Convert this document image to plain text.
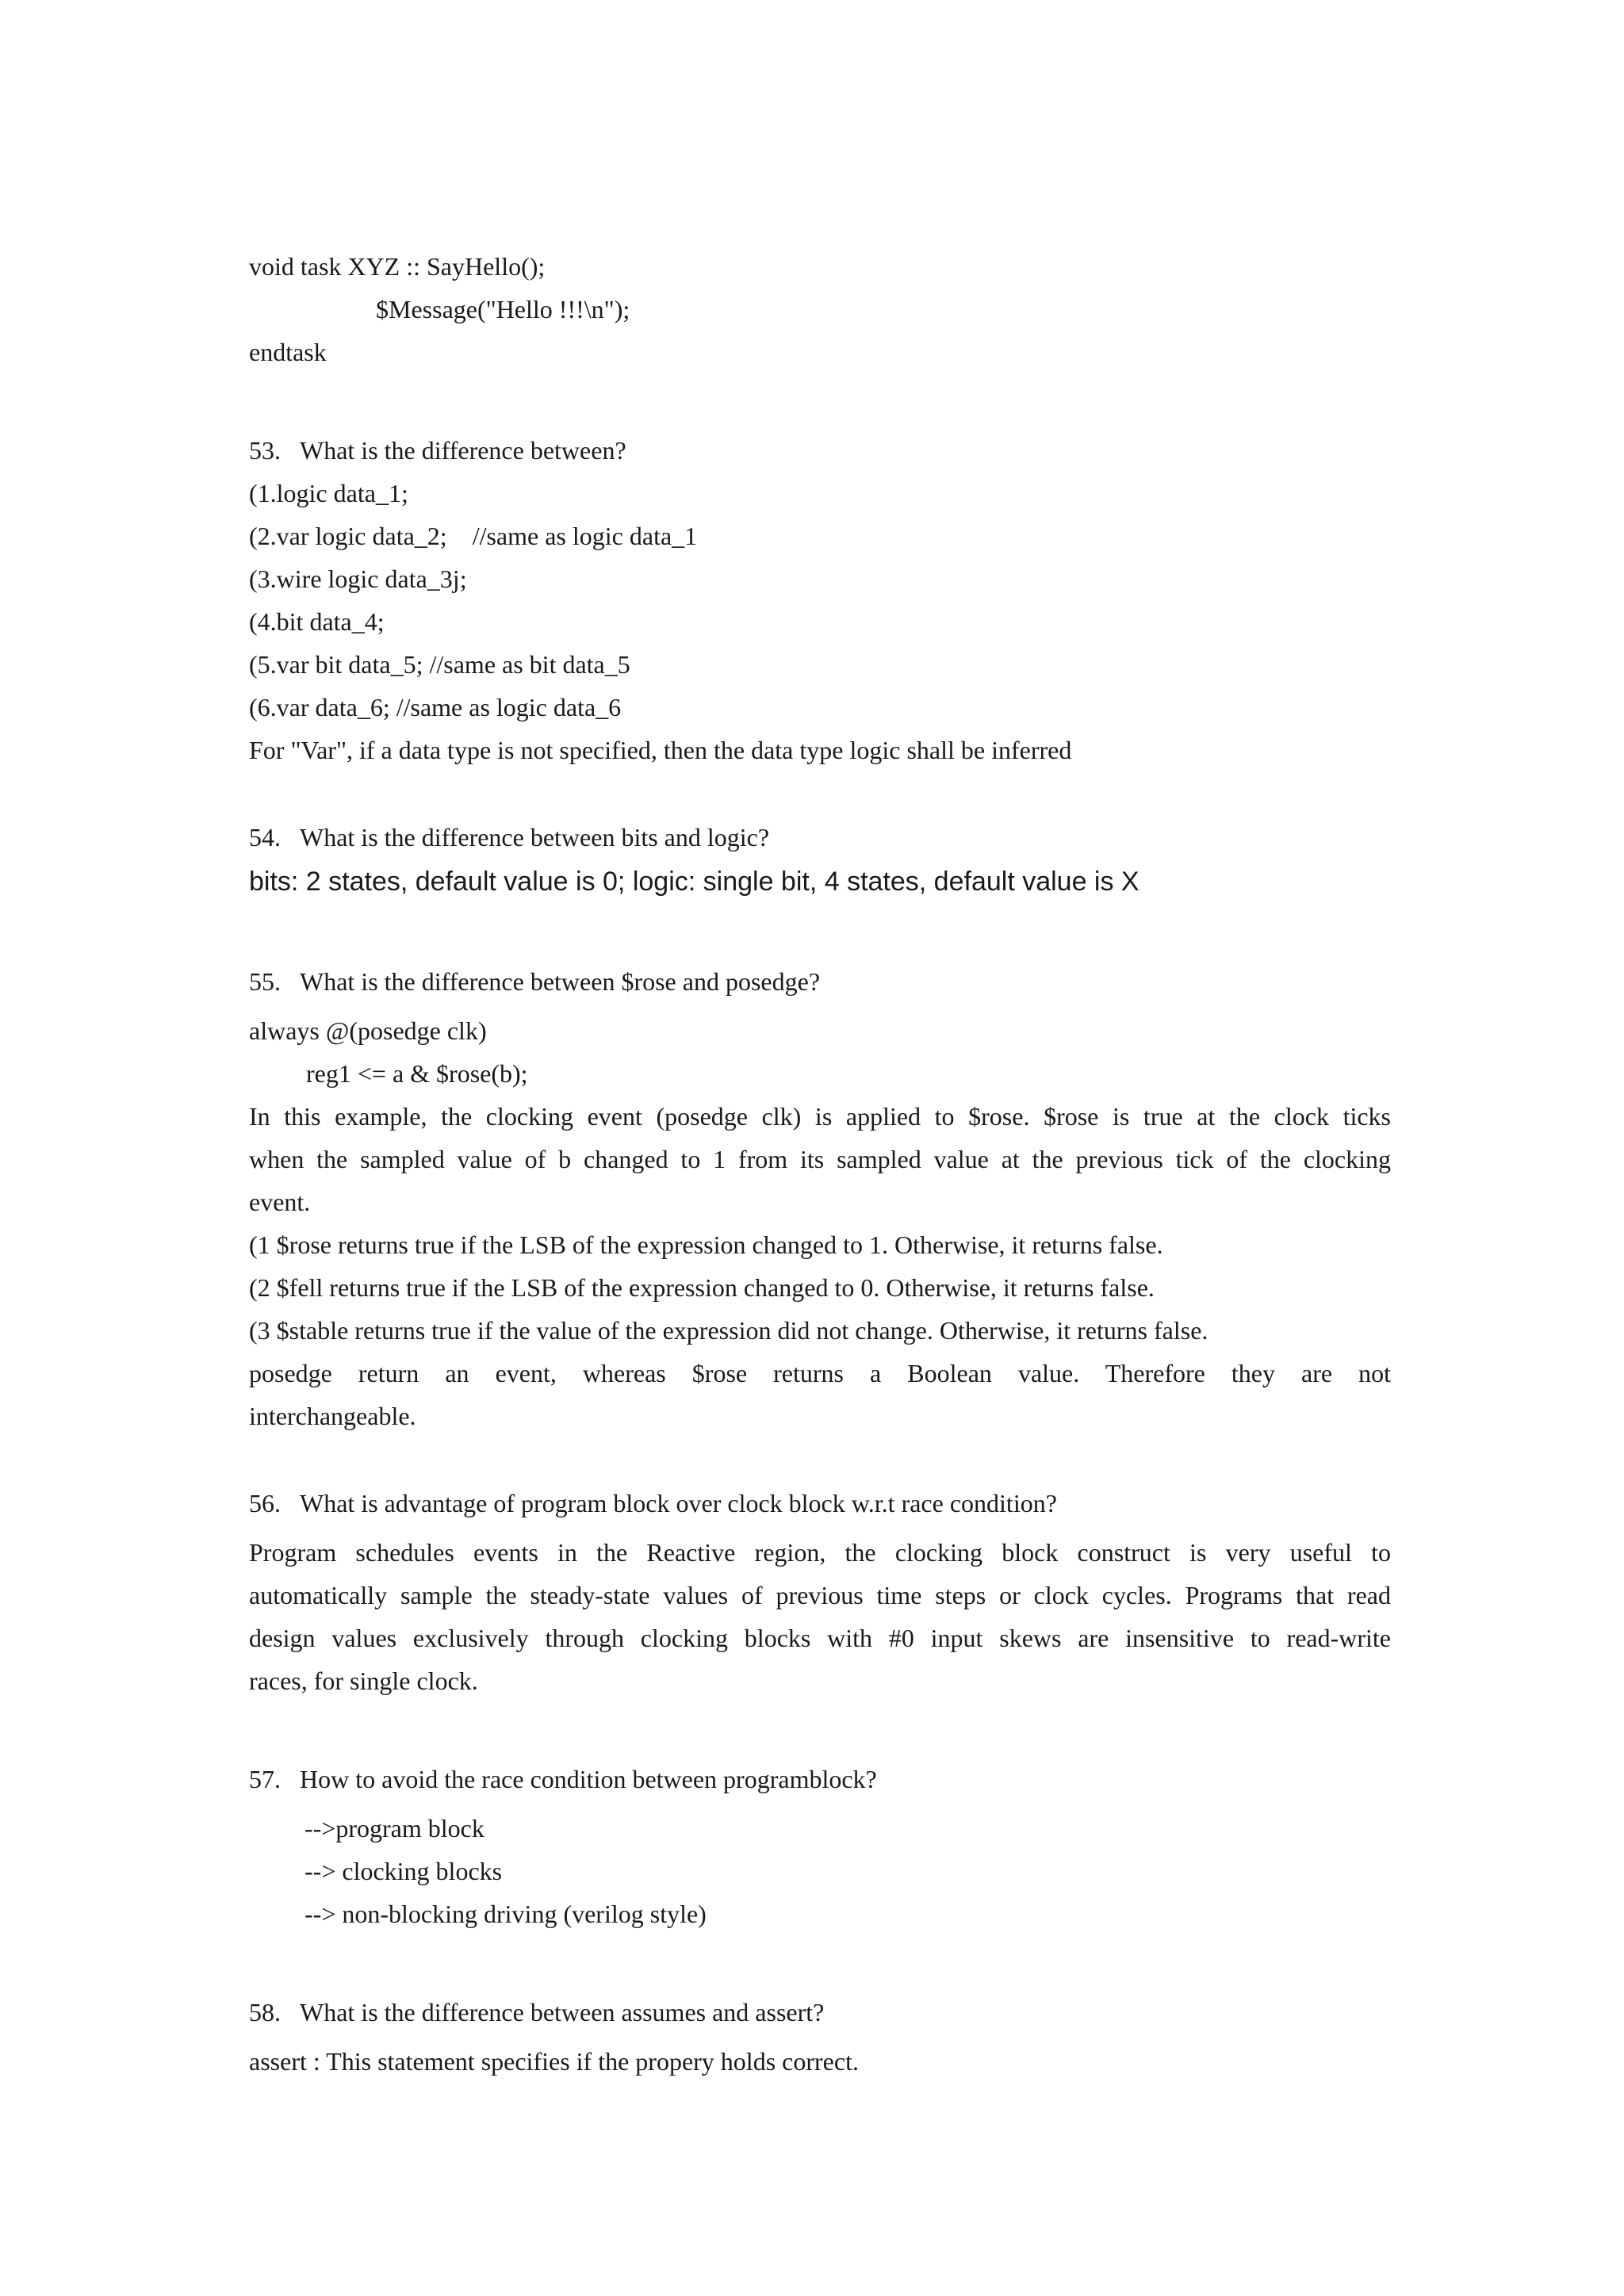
void task XYZ :: SayHello();
$Message("Hello !!!\n");
endtask
53. What is the difference between?
(1.logic data_1;
(2.var logic data_2;    //same as logic data_1
(3.wire logic data_3j;
(4.bit data_4;
(5.var bit data_5; //same as bit data_5
(6.var data_6; //same as logic data_6
For "Var", if a data type is not specified, then the data type logic shall be inferred
54. What is the difference between bits and logic?
bits: 2 states, default value is 0; logic: single bit, 4 states, default value is X
55. What is the difference between $rose and posedge?
always @(posedge clk)
reg1 <= a & $rose(b);
In this example, the clocking event (posedge clk) is applied to $rose. $rose is true at the clock ticks
when the sampled value of b changed to 1 from its sampled value at the previous tick of the clocking
event.
(1 $rose returns true if the LSB of the expression changed to 1. Otherwise, it returns false.
(2 $fell returns true if the LSB of the expression changed to 0. Otherwise, it returns false.
(3 $stable returns true if the value of the expression did not change. Otherwise, it returns false.
posedge return an event, whereas $rose returns a Boolean value. Therefore they are not
interchangeable.
56. What is advantage of program block over clock block w.r.t race condition?
Program schedules events in the Reactive region, the clocking block construct is very useful to
automatically sample the steady-state values of previous time steps or clock cycles. Programs that read
design values exclusively through clocking blocks with #0 input skews are insensitive to read-write
races, for single clock.
57. How to avoid the race condition between programblock?
-->program block
--> clocking blocks
--> non-blocking driving (verilog style)
58. What is the difference between assumes and assert?
assert : This statement specifies if the propery holds correct.
